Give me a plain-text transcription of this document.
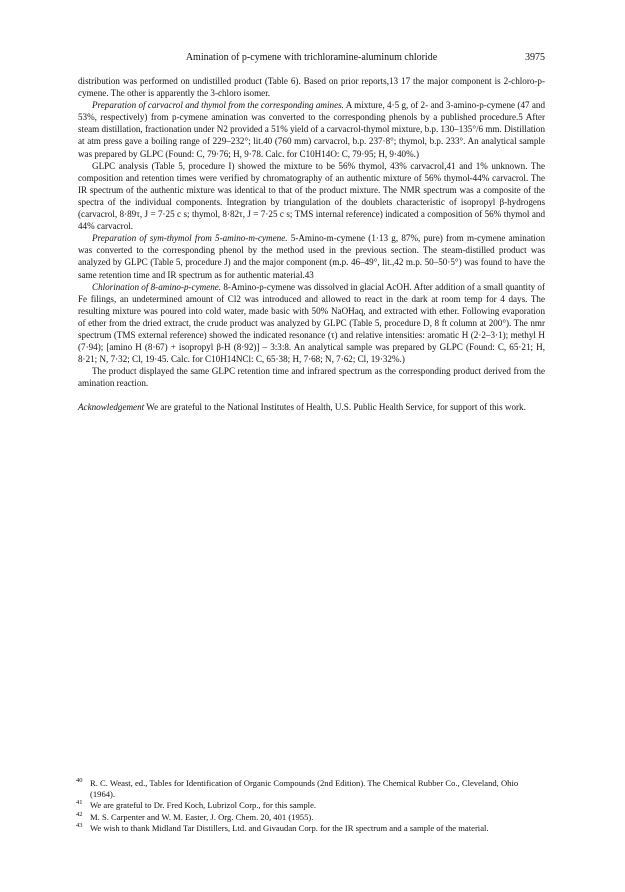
Amination of p-cymene with trichloramine-aluminum chloride	3975

distribution was performed on undistilled product (Table 6). Based on prior reports,13 17 the major component is 2-chloro-p-cymene. The other is apparently the 3-chloro isomer.

Preparation of carvacrol and thymol from the corresponding amines. A mixture, 4·5 g, of 2- and 3-amino-p-cymene (47 and 53%, respectively) from p-cymene amination was converted to the corresponding phenols by a published procedure.5 After steam distillation, fractionation under N2 provided a 51% yield of a carvacrol-thymol mixture, b.p. 130–135°/6 mm. Distillation at atm press gave a boiling range of 229–232°; lit.40 (760 mm) carvacrol, b.p. 237·8°; thymol, b.p. 233°. An analytical sample was prepared by GLPC (Found: C, 79·76; H, 9·78. Calc. for C10H14O: C, 79·95; H, 9·40%.)

GLPC analysis (Table 5, procedure I) showed the mixture to be 56% thymol, 43% carvacrol,41 and 1% unknown. The composition and retention times were verified by chromatography of an authentic mixture of 56% thymol-44% carvacrol. The IR spectrum of the authentic mixture was identical to that of the product mixture. The NMR spectrum was a composite of the spectra of the individual components. Integration by triangulation of the doublets characteristic of isopropyl β-hydrogens (carvacrol, 8·89τ, J = 7·25 c s; thymol, 8·82τ, J = 7·25 c s; TMS internal reference) indicated a composition of 56% thymol and 44% carvacrol.

Preparation of sym-thymol from 5-amino-m-cymene. 5-Amino-m-cymene (1·13 g, 87%, pure) from m-cymene amination was converted to the corresponding phenol by the method used in the previous section. The steam-distilled product was analyzed by GLPC (Table 5, procedure J) and the major component (m.p. 46–49°, lit.,42 m.p. 50–50·5°) was found to have the same retention time and IR spectrum as for authentic material.43

Chlorination of 8-amino-p-cymene. 8-Amino-p-cymene was dissolved in glacial AcOH. After addition of a small quantity of Fe filings, an undetermined amount of Cl2 was introduced and allowed to react in the dark at room temp for 4 days. The resulting mixture was poured into cold water, made basic with 50% NaOHaq, and extracted with ether. Following evaporation of ether from the dried extract, the crude product was analyzed by GLPC (Table 5, procedure D, 8 ft column at 200°). The nmr spectrum (TMS external reference) showed the indicated resonance (τ) and relative intensities: aromatic H (2·2–3·1); methyl H (7·94); [amino H (8·67) + isopropyl β-H (8·92)] – 3:3:8. An analytical sample was prepared by GLPC (Found: C, 65·21; H, 8·21; N, 7·32; Cl, 19·45. Calc. for C10H14NCl: C, 65·38; H, 7·68; N, 7·62; Cl, 19·32%.)

The product displayed the same GLPC retention time and infrared spectrum as the corresponding product derived from the amination reaction.

Acknowledgement We are grateful to the National Institutes of Health, U.S. Public Health Service, for support of this work.

40 R. C. Weast, ed., Tables for Identification of Organic Compounds (2nd Edition). The Chemical Rubber Co., Cleveland, Ohio (1964).
41 We are grateful to Dr. Fred Koch, Lubrizol Corp., for this sample.
42 M. S. Carpenter and W. M. Easter, J. Org. Chem. 20, 401 (1955).
43 We wish to thank Midland Tar Distillers, Ltd. and Givaudan Corp. for the IR spectrum and a sample of the material.
